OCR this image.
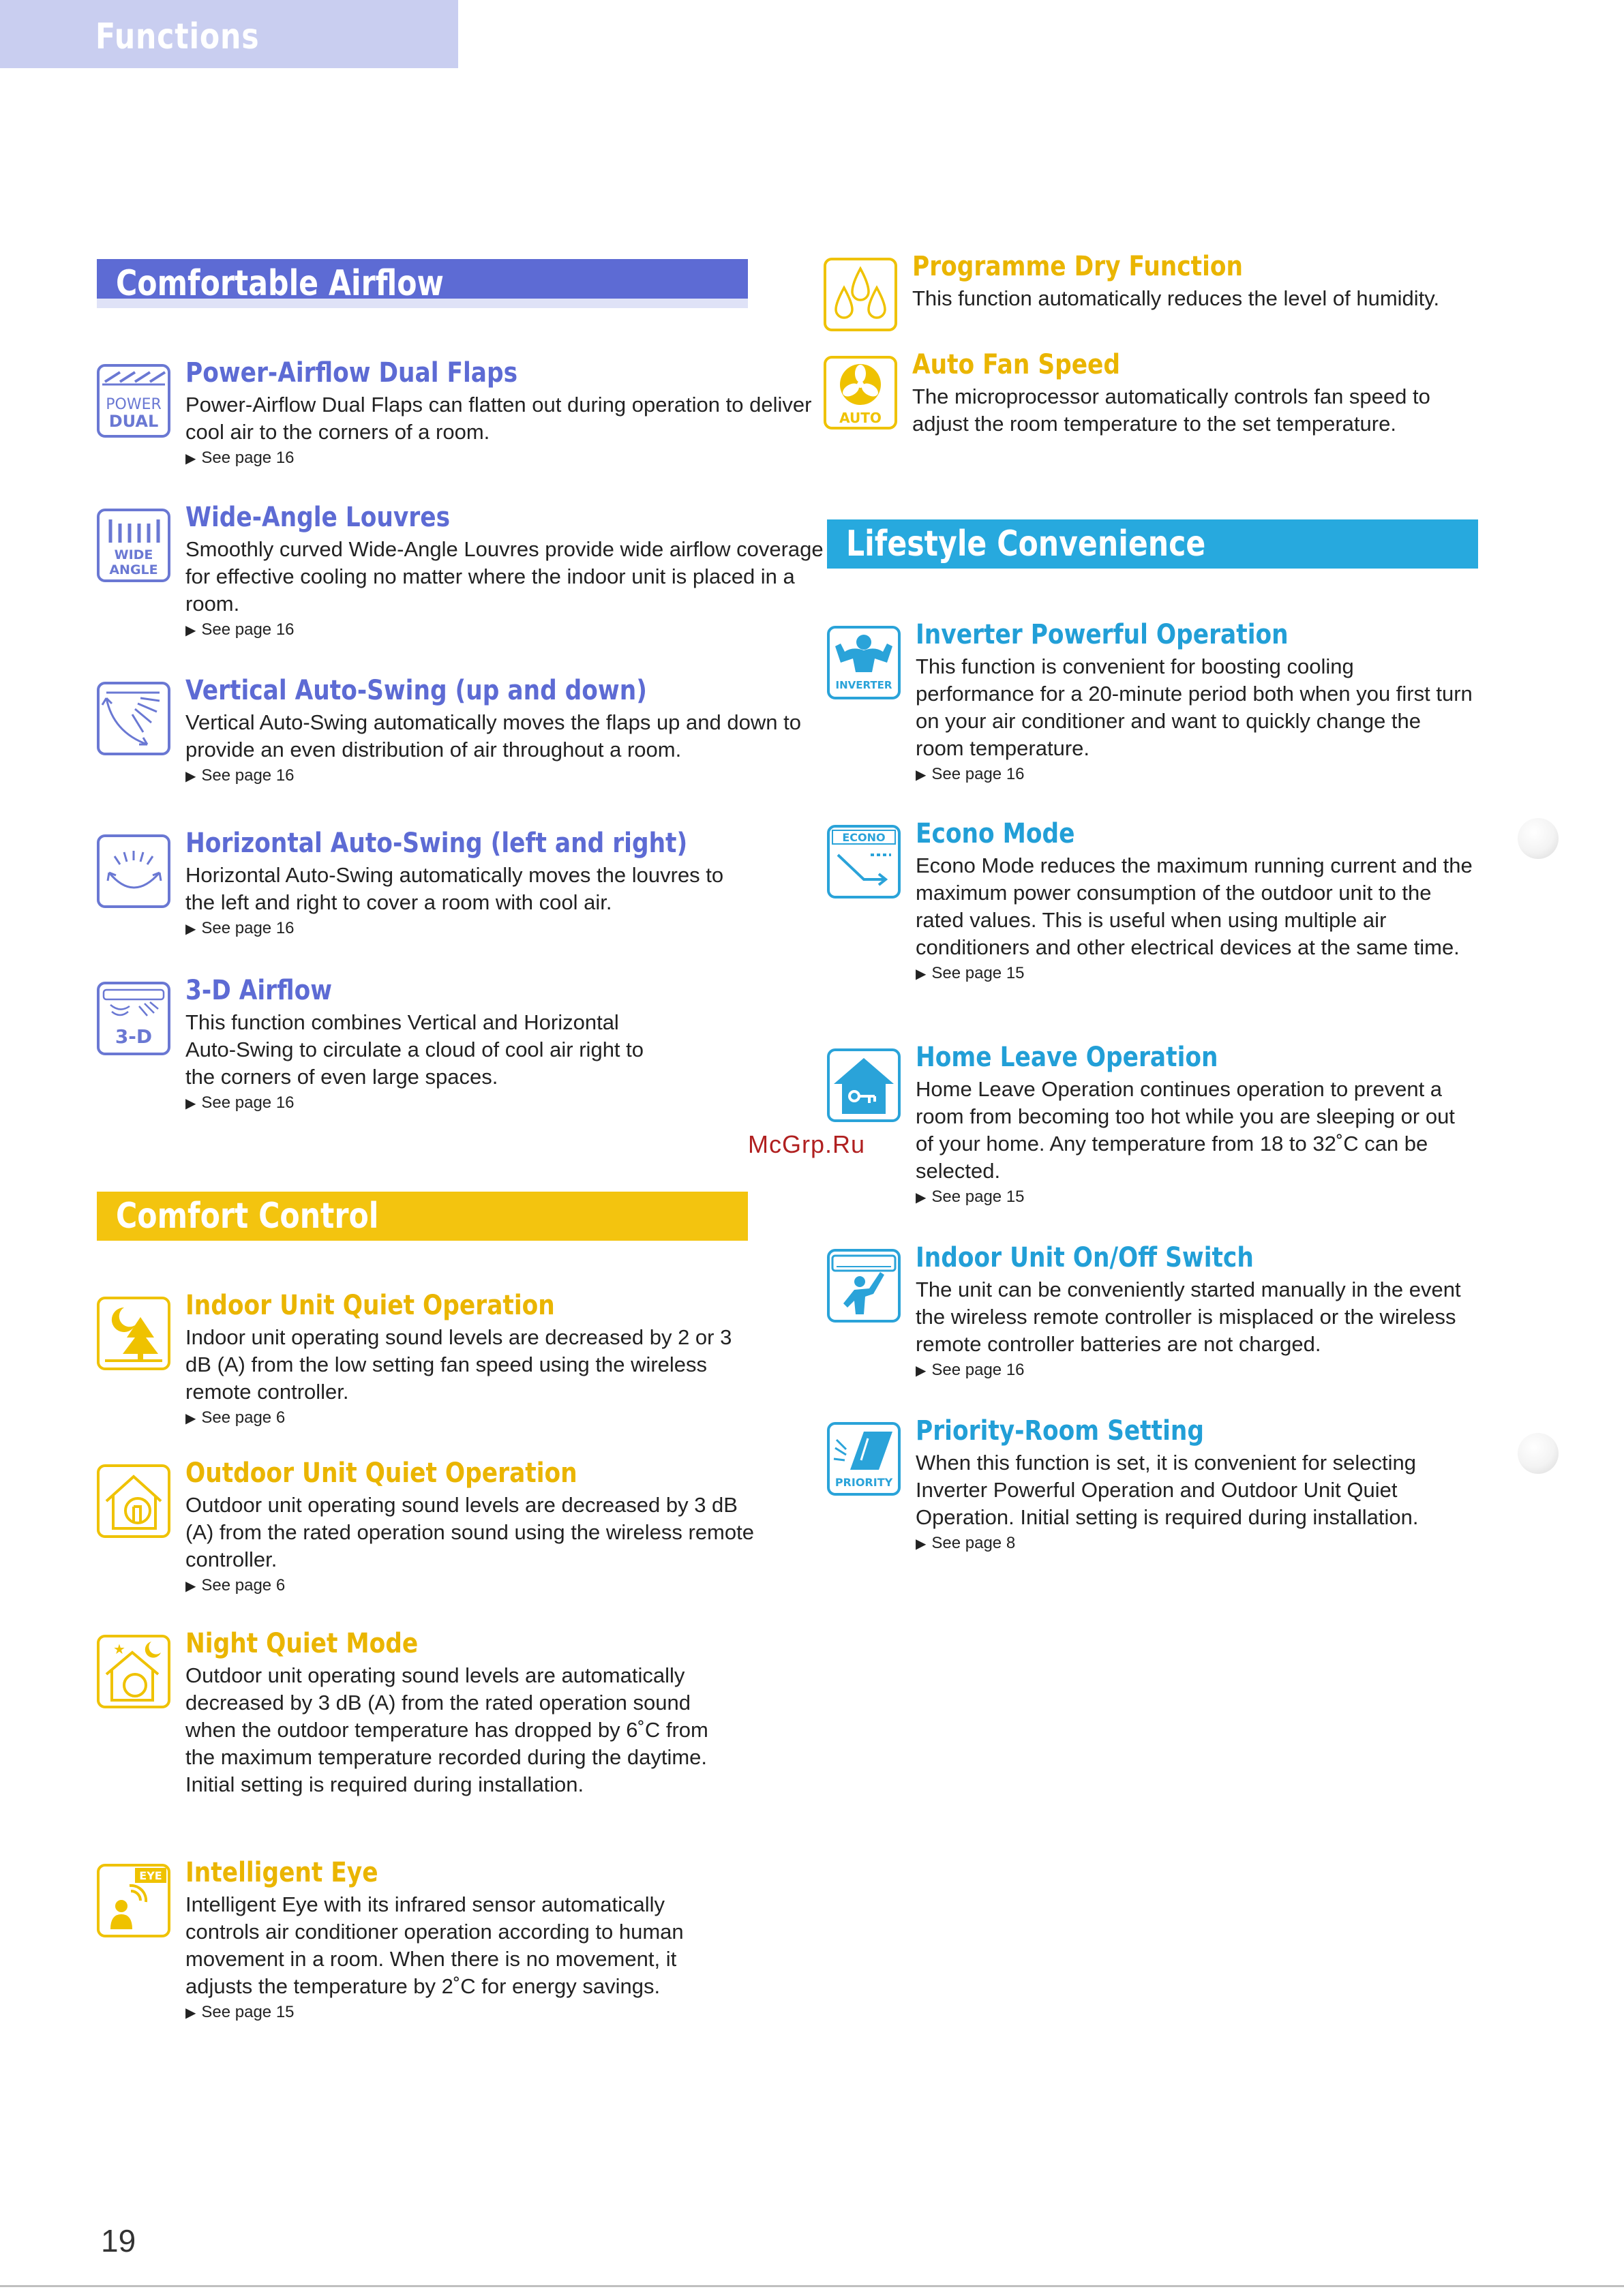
Functions
Comfortable Airflow
POWER
DUAL
Power-Airflow Dual Flaps

Power-Airflow Dual Flaps can flatten out during operation to deliver cool air to the corners of a room.

▶ See page 16
WIDE
ANGLE
Wide-Angle Louvres

Smoothly curved Wide-Angle Louvres provide wide airflow coverage for effective cooling no matter where the indoor unit is placed in a room.

▶ See page 16
Vertical Auto-Swing (up and down)

Vertical Auto-Swing automatically moves the flaps up and down to provide an even distribution of air throughout a room.

▶ See page 16
Horizontal Auto-Swing (left and right)

Horizontal Auto-Swing automatically moves the louvres to the left and right to cover a room with cool air.

▶ See page 16
3-D
3-D Airflow

This function combines Vertical and Horizontal Auto-Swing to circulate a cloud of cool air right to the corners of even large spaces.

▶ See page 16
Comfort Control
Indoor Unit Quiet Operation

Indoor unit operating sound levels are decreased by 2 or 3 dB (A) from the low setting fan speed using the wireless remote controller.

▶ See page 6
Outdoor Unit Quiet Operation

Outdoor unit operating sound levels are decreased by 3 dB (A) from the rated operation sound using the wireless remote controller.

▶ See page 6
★ Night Quiet Mode

Outdoor unit operating sound levels are automatically decreased by 3 dB (A) from the rated operation sound when the outdoor temperature has dropped by 6˚C from the maximum temperature recorded during the daytime. Initial setting is required during installation.

EYE Intelligent Eye

Intelligent Eye with its infrared sensor automatically controls air conditioner operation according to human movement in a room. When there is no movement, it adjusts the temperature by 2˚C for energy savings.

▶ See page 15
Programme Dry Function

This function automatically reduces the level of humidity.

AUTO
Auto Fan Speed

The microprocessor automatically controls fan speed to adjust the room temperature to the set temperature.

Lifestyle Convenience
INVERTER
Inverter Powerful Operation

This function is convenient for boosting cooling performance for a 20-minute period both when you first turn on your air conditioner and want to quickly change the room temperature.

▶ See page 16
ECONO Econo Mode

Econo Mode reduces the maximum running current and the maximum power consumption of the outdoor unit to the rated values. This is useful when using multiple air conditioners and other electrical devices at the same time.

▶ See page 15
Home Leave Operation

Home Leave Operation continues operation to prevent a room from becoming too hot while you are sleeping or out of your home. Any temperature from 18 to 32˚C can be selected.

▶ See page 15
Indoor Unit On/Off Switch

The unit can be conveniently started manually in the event the wireless remote controller is misplaced or the wireless remote controller batteries are not charged.

▶ See page 16
PRIORITY
Priority-Room Setting

When this function is set, it is convenient for selecting Inverter Powerful Operation and Outdoor Unit Quiet Operation. Initial setting is required during installation.

▶ See page 8
McGrp.Ru
19
